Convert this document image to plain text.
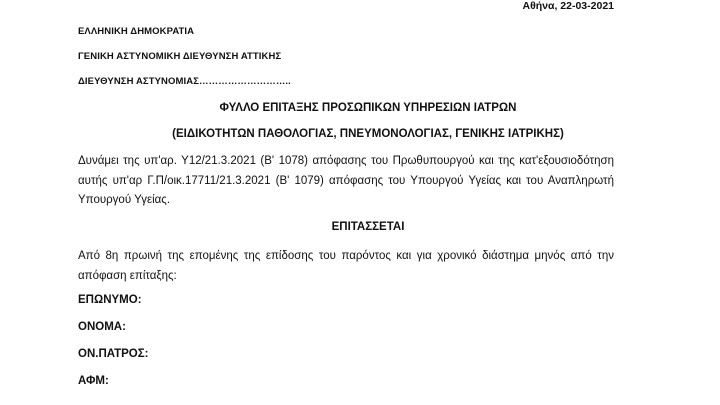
Αθήνα, 22-03-2021
ΕΛΛΗΝΙΚΗ ΔΗΜΟΚΡΑΤΙΑ
ΓΕΝΙΚΗ ΑΣΤΥΝΟΜΙΚΗ ΔΙΕΥΘΥΝΣΗ ΑΤΤΙΚΗΣ
ΔΙΕΥΘΥΝΣΗ ΑΣΤΥΝΟΜΙΑΣ………………………..
ΦΥΛΛΟ ΕΠΙΤΑΞΗΣ ΠΡΟΣΩΠΙΚΩΝ ΥΠΗΡΕΣΙΩΝ ΙΑΤΡΩΝ
(ΕΙΔΙΚΟΤΗΤΩΝ ΠΑΘΟΛΟΓΙΑΣ, ΠΝΕΥΜΟΝΟΛΟΓΙΑΣ, ΓΕΝΙΚΗΣ ΙΑΤΡΙΚΗΣ)
Δυνάμει της υπ'αρ. Υ12/21.3.2021 (Β' 1078) απόφασης του Πρωθυπουργού και της κατ'εξουσιοδότηση αυτής υπ'αρ Γ.Π/οικ.17711/21.3.2021 (Β' 1079) απόφασης του Υπουργού Υγείας και του Αναπληρωτή Υπουργού Υγείας.
ΕΠΙΤΑΣΣΕΤΑΙ
Από 8η πρωινή της επομένης της επίδοσης του παρόντος και για χρονικό διάστημα μηνός από την απόφαση επίταξης:
ΕΠΩΝΥΜΟ:
ΟΝΟΜΑ:
ΟΝ.ΠΑΤΡΟΣ:
ΑΦΜ:
